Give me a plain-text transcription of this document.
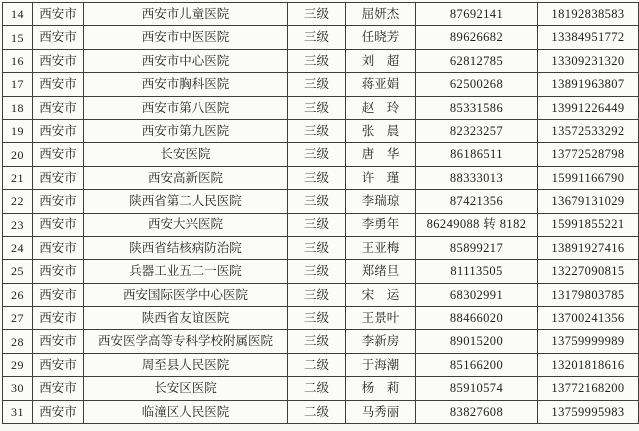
14	西安市	西安市儿童医院	三级	屈妍杰	87692141	18192838583
15	西安市	西安市中医医院	三级	任晓芳	89626682	13384951772
16	西安市	西安市中心医院	三级	刘　超	62812785	13309231320
17	西安市	西安市胸科医院	三级	蒋亚娟	62500268	13891963807
18	西安市	西安市第八医院	三级	赵　玲	85331586	13991226449
19	西安市	西安市第九医院	三级	张　晨	82323257	13572533292
20	西安市	长安医院	三级	唐　华	86186511	13772528798
21	西安市	西安高新医院	三级	许　瑾	88333013	15991166790
22	西安市	陕西省第二人民医院	三级	李瑞琼	87421356	13679131029
23	西安市	西安大兴医院	三级	李勇年	86249088 转 8182	15991855221
24	西安市	陕西省结核病防治院	三级	王亚梅	85899217	13891927416
25	西安市	兵器工业五二一医院	三级	郑绪旦	81113505	13227090815
26	西安市	西安国际医学中心医院	三级	宋　运	68302991	13179803785
27	西安市	陕西省友谊医院	三级	王景叶	88466020	13700241356
28	西安市	西安医学高等专科学校附属医院	三级	李新房	89015200	13759999989
29	西安市	周至县人民医院	二级	于海潮	85166200	13201818616
30	西安市	长安区医院	二级	杨　莉	85910574	13772168200
31	西安市	临潼区人民医院	二级	马秀丽	83827608	13759995983
